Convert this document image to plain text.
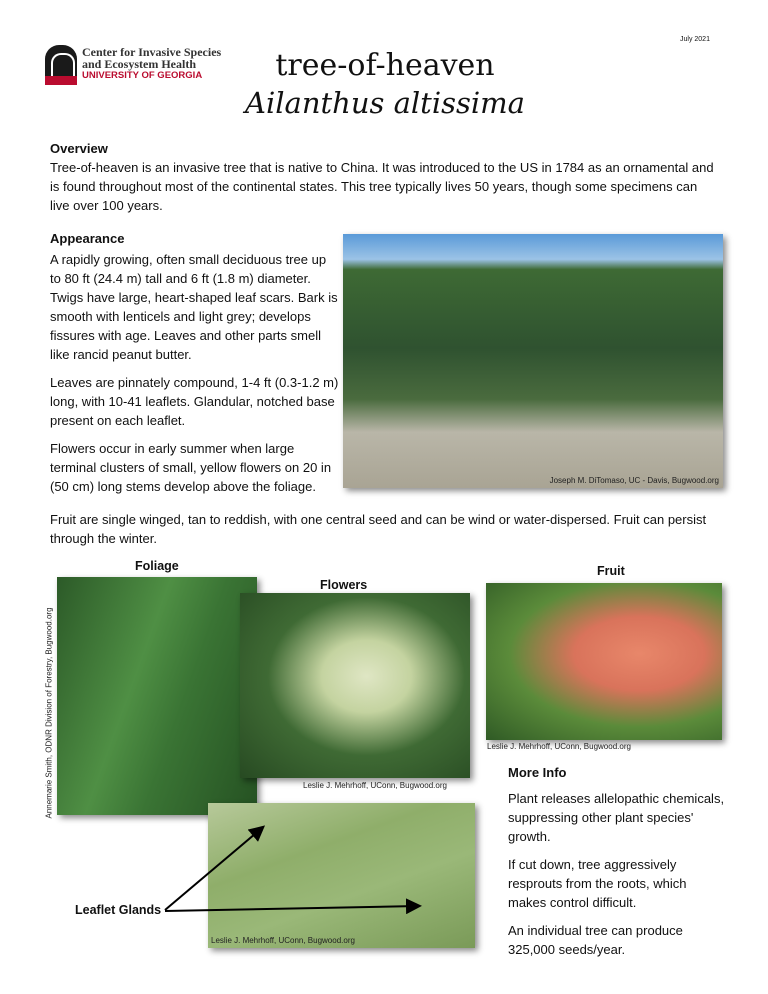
Center for Invasive Species
and Ecosystem Health
UNIVERSITY OF GEORGIA
July 2021
tree-of-heaven
Ailanthus altissima
Overview
Tree-of-heaven is an invasive tree that is native to China. It was introduced to the US in 1784 as an ornamental and is found throughout most of the continental states. This tree typically lives 50 years, though some specimens can live over 100 years.
Appearance

A rapidly growing, often small deciduous tree up to 80 ft (24.4 m) tall and 6 ft (1.8 m) diameter. Twigs have large, heart-shaped leaf scars. Bark is smooth with lenticels and light grey; develops fissures with age. Leaves and other parts smell like rancid peanut butter.

Leaves are pinnately compound, 1-4 ft (0.3-1.2 m) long, with 10-41 leaflets. Glandular, notched base present on each leaflet.

Flowers occur in early summer when large terminal clusters of small, yellow flowers on 20 in (50 cm) long stems develop above the foliage.	Joseph M. DiTomaso, UC - Davis, Bugwood.org
Fruit are single winged, tan to reddish, with one central seed and can be wind or water-dispersed. Fruit can persist through the winter.
Foliage
Annemarie Smith, ODNR Division of Forestry, Bugwood.org
Flowers
Leslie J. Mehrhoff, UConn, Bugwood.org
Fruit
Leslie J. Mehrhoff, UConn, Bugwood.org
More Info

Plant releases allelopathic chemicals, suppressing other plant species' growth.

If cut down, tree aggressively resprouts from the roots, which makes control difficult.

An individual tree can produce 325,000 seeds/year.

Leslie J. Mehrhoff, UConn, Bugwood.org
Leaflet Glands
